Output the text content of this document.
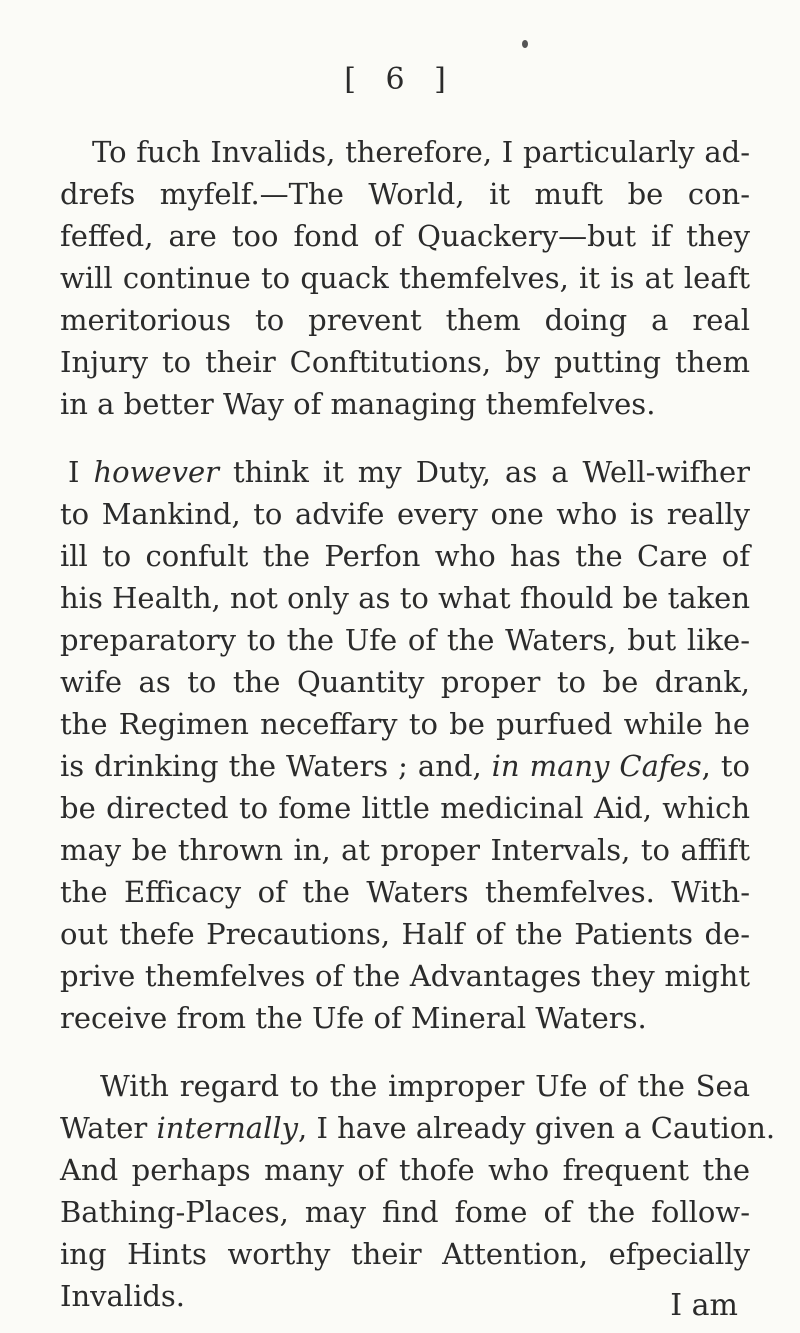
[ 6 ]
To fuch Invalids, therefore, I particularly ad-
drefs myfelf.—The World, it muft be con-
feffed, are too fond of Quackery—but if they
will continue to quack themfelves, it is at leaft
meritorious to prevent them doing a real
Injury to their Conftitutions, by putting them
in a better Way of managing themfelves.
I however think it my Duty, as a Well-wifher
to Mankind, to advife every one who is really
ill to confult the Perfon who has the Care of
his Health, not only as to what fhould be taken
preparatory to the Ufe of the Waters, but like-
wife as to the Quantity proper to be drank,
the Regimen neceffary to be purfued while he
is drinking the Waters ; and, in many Cafes, to
be directed to fome little medicinal Aid, which
may be thrown in, at proper Intervals, to affift
the Efficacy of the Waters themfelves. With-
out thefe Precautions, Half of the Patients de-
prive themfelves of the Advantages they might
receive from the Ufe of Mineral Waters.
With regard to the improper Ufe of the Sea
Water internally, I have already given a Caution.
And perhaps many of thofe who frequent the
Bathing-Places, may find fome of the follow-
ing Hints worthy their Attention, efpecially
Invalids.	I am
